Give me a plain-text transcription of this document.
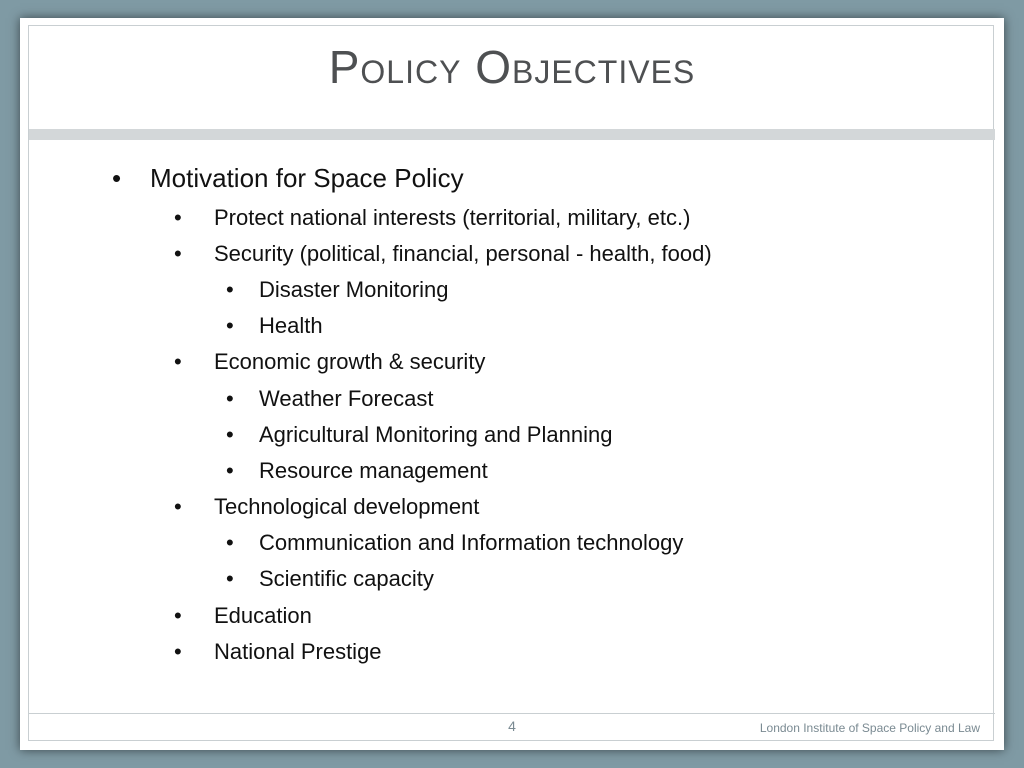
Policy Objectives
• Motivation for Space Policy
• Protect national interests (territorial, military, etc.)
• Security (political, financial, personal - health, food)
• Disaster Monitoring
• Health
• Economic growth & security
• Weather Forecast
• Agricultural Monitoring and Planning
• Resource management
• Technological development
• Communication and Information technology
• Scientific capacity
• Education
• National Prestige
4	London Institute of Space Policy and Law
